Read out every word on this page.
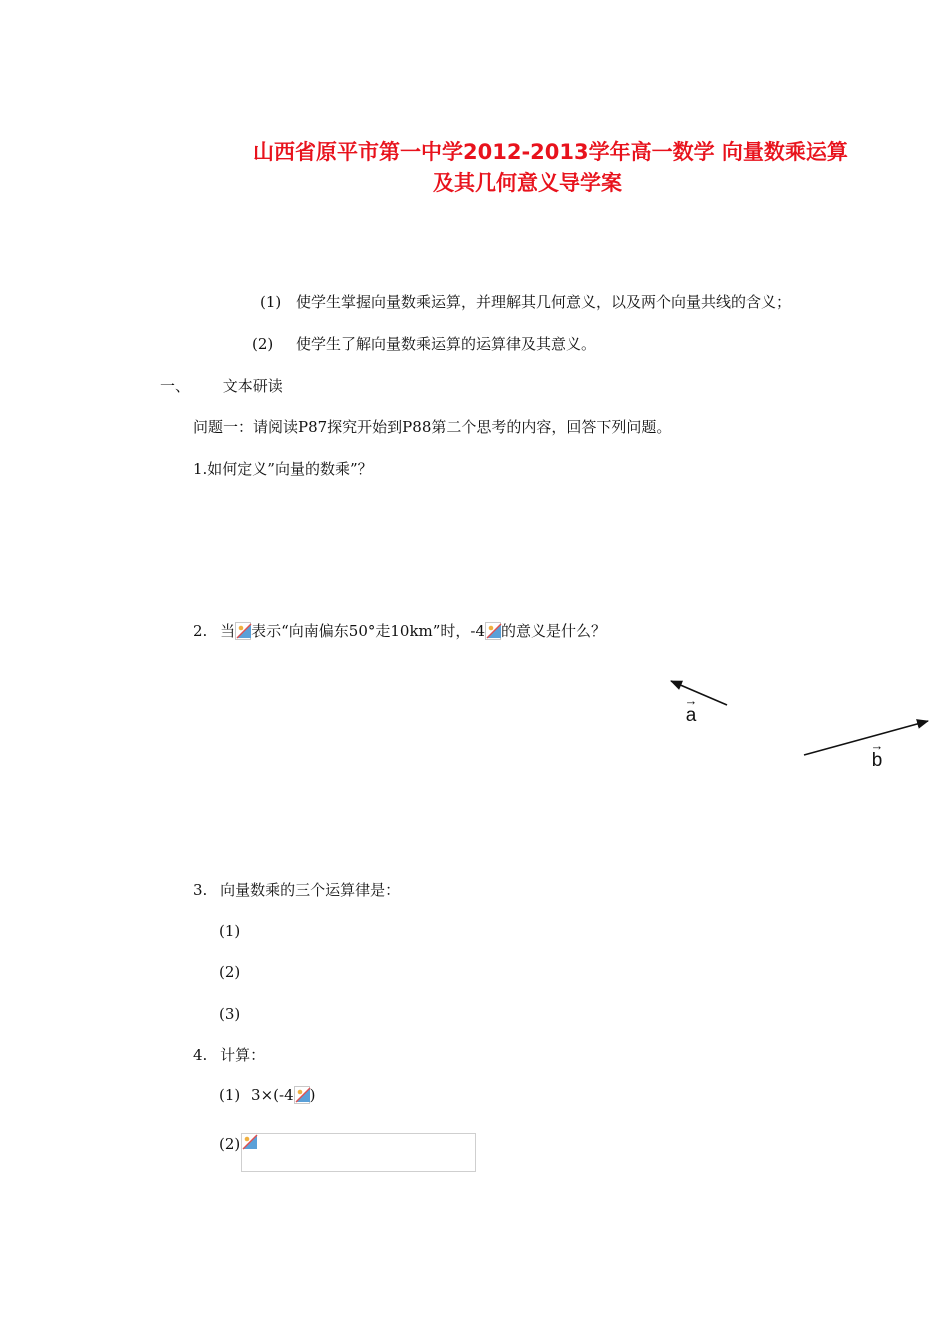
山西省原平市第一中学2012-2013学年高一数学 向量数乘运算
及其几何意义导学案
(1) 使学生掌握向量数乘运算，并理解其几何意义，以及两个向量共线的含义；
(2) 使学生了解向量数乘运算的运算律及其意义。
一、 文本研读
问题一：请阅读P87探究开始到P88第二个思考的内容，回答下列问题。
1.如何定义”向量的数乘”？
2. 当 表示“向南偏东50°走10km”时，-4 的意义是什么？
→
a
→
b
3. 向量数乘的三个运算律是：
(1)
(2)
(3)
4. 计算：
(1) 3×(-4 )
(2)
